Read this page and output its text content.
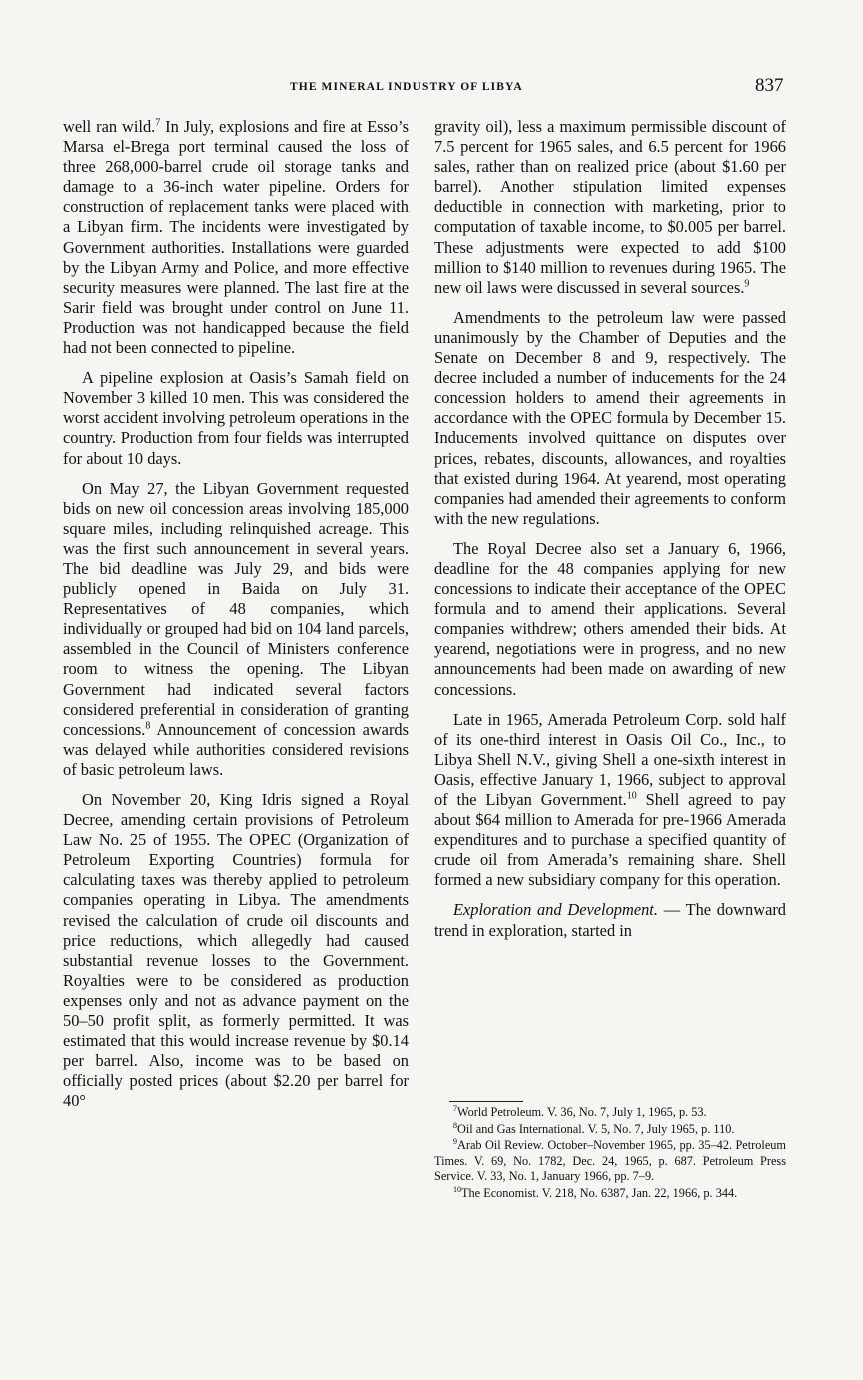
THE MINERAL INDUSTRY OF LIBYA	837

well ran wild.$^7$ In July, explosions and fire at Esso’s Marsa el-Brega port terminal caused the loss of three 268,000-barrel crude oil storage tanks and damage to a 36-inch water pipeline. Orders for construction of replacement tanks were placed with a Libyan firm. The incidents were investigated by Government authorities. Installations were guarded by the Libyan Army and Police, and more effective security measures were planned. The last fire at the Sarir field was brought under control on June 11. Production was not handicapped because the field had not been connected to pipeline.

A pipeline explosion at Oasis’s Samah field on November 3 killed 10 men. This was considered the worst accident involving petroleum operations in the country. Production from four fields was interrupted for about 10 days.

On May 27, the Libyan Government requested bids on new oil concession areas involving 185,000 square miles, including relinquished acreage. This was the first such announcement in several years. The bid deadline was July 29, and bids were publicly opened in Baida on July 31. Representatives of 48 companies, which individually or grouped had bid on 104 land parcels, assembled in the Council of Ministers conference room to witness the opening. The Libyan Government had indicated several factors considered preferential in consideration of granting concessions.$^8$ Announcement of concession awards was delayed while authorities considered revisions of basic petroleum laws.

On November 20, King Idris signed a Royal Decree, amending certain provisions of Petroleum Law No. 25 of 1955. The OPEC (Organization of Petroleum Exporting Countries) formula for calculating taxes was thereby applied to petroleum companies operating in Libya. The amendments revised the calculation of crude oil discounts and price reductions, which allegedly had caused substantial revenue losses to the Government. Royalties were to be considered as production expenses only and not as advance payment on the 50–50 profit split, as formerly permitted. It was estimated that this would increase revenue by $0.14 per barrel. Also, income was to be based on officially posted prices (about $2.20 per barrel for 40°

gravity oil), less a maximum permissible discount of 7.5 percent for 1965 sales, and 6.5 percent for 1966 sales, rather than on realized price (about $1.60 per barrel). Another stipulation limited expenses deductible in connection with marketing, prior to computation of taxable income, to $0.005 per barrel. These adjustments were expected to add $100 million to $140 million to revenues during 1965. The new oil laws were discussed in several sources.$^9$

Amendments to the petroleum law were passed unanimously by the Chamber of Deputies and the Senate on December 8 and 9, respectively. The decree included a number of inducements for the 24 concession holders to amend their agreements in accordance with the OPEC formula by December 15. Inducements involved quittance on disputes over prices, rebates, discounts, allowances, and royalties that existed during 1964. At yearend, most operating companies had amended their agreements to conform with the new regulations.

The Royal Decree also set a January 6, 1966, deadline for the 48 companies applying for new concessions to indicate their acceptance of the OPEC formula and to amend their applications. Several companies withdrew; others amended their bids. At yearend, negotiations were in progress, and no new announcements had been made on awarding of new concessions.

Late in 1965, Amerada Petroleum Corp. sold half of its one-third interest in Oasis Oil Co., Inc., to Libya Shell N.V., giving Shell a one-sixth interest in Oasis, effective January 1, 1966, subject to approval of the Libyan Government.$^{10}$ Shell agreed to pay about $64 million to Amerada for pre-1966 Amerada expenditures and to purchase a specified quantity of crude oil from Amerada’s remaining share. Shell formed a new subsidiary company for this operation.

Exploration and Development. — The downward trend in exploration, started in

$^7$World Petroleum. V. 36, No. 7, July 1, 1965, p. 53.

$^8$Oil and Gas International. V. 5, No. 7, July 1965, p. 110.

$^9$Arab Oil Review. October–November 1965, pp. 35–42. Petroleum Times. V. 69, No. 1782, Dec. 24, 1965, p. 687. Petroleum Press Service. V. 33, No. 1, January 1966, pp. 7–9.

$^{10}$The Economist. V. 218, No. 6387, Jan. 22, 1966, p. 344.
